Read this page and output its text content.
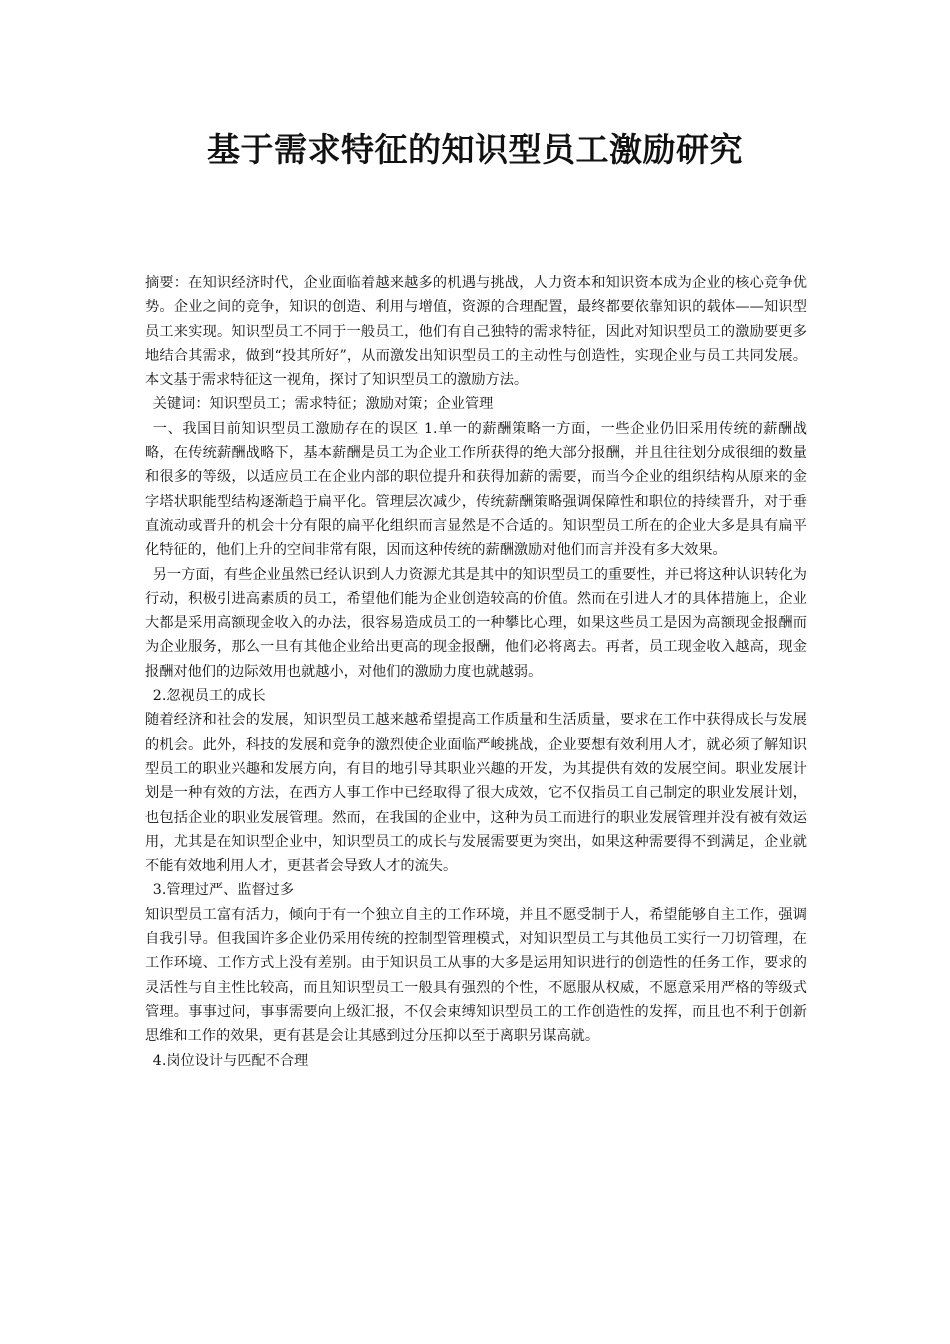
基于需求特征的知识型员工激励研究

摘要：在知识经济时代，企业面临着越来越多的机遇与挑战，人力资本和知识资本成为企业的核心竞争优势。企业之间的竞争，知识的创造、利用与增值，资源的合理配置，最终都要依靠知识的载体——知识型员工来实现。知识型员工不同于一般员工，他们有自己独特的需求特征，因此对知识型员工的激励要更多地结合其需求，做到“投其所好”，从而激发出知识型员工的主动性与创造性，实现企业与员工共同发展。本文基于需求特征这一视角，探讨了知识型员工的激励方法。

关键词：知识型员工；需求特征；激励对策；企业管理

一、我国目前知识型员工激励存在的误区 1.单一的薪酬策略一方面，一些企业仍旧采用传统的薪酬战略，在传统薪酬战略下，基本薪酬是员工为企业工作所获得的绝大部分报酬，并且往往划分成很细的数量和很多的等级，以适应员工在企业内部的职位提升和获得加薪的需要，而当今企业的组织结构从原来的金字塔状职能型结构逐渐趋于扁平化。管理层次减少，传统薪酬策略强调保障性和职位的持续晋升，对于垂直流动或晋升的机会十分有限的扁平化组织而言显然是不合适的。知识型员工所在的企业大多是具有扁平化特征的，他们上升的空间非常有限，因而这种传统的薪酬激励对他们而言并没有多大效果。

另一方面，有些企业虽然已经认识到人力资源尤其是其中的知识型员工的重要性，并已将这种认识转化为行动，积极引进高素质的员工，希望他们能为企业创造较高的价值。然而在引进人才的具体措施上，企业大都是采用高额现金收入的办法，很容易造成员工的一种攀比心理，如果这些员工是因为高额现金报酬而为企业服务，那么一旦有其他企业给出更高的现金报酬，他们必将离去。再者，员工现金收入越高，现金报酬对他们的边际效用也就越小，对他们的激励力度也就越弱。

2.忽视员工的成长

随着经济和社会的发展，知识型员工越来越希望提高工作质量和生活质量，要求在工作中获得成长与发展的机会。此外，科技的发展和竞争的激烈使企业面临严峻挑战，企业要想有效利用人才，就必须了解知识型员工的职业兴趣和发展方向，有目的地引导其职业兴趣的开发，为其提供有效的发展空间。职业发展计划是一种有效的方法，在西方人事工作中已经取得了很大成效，它不仅指员工自己制定的职业发展计划，也包括企业的职业发展管理。然而，在我国的企业中，这种为员工而进行的职业发展管理并没有被有效运用，尤其是在知识型企业中，知识型员工的成长与发展需要更为突出，如果这种需要得不到满足，企业就不能有效地利用人才，更甚者会导致人才的流失。

3.管理过严、监督过多

知识型员工富有活力，倾向于有一个独立自主的工作环境，并且不愿受制于人，希望能够自主工作，强调自我引导。但我国许多企业仍采用传统的控制型管理模式，对知识型员工与其他员工实行一刀切管理，在工作环境、工作方式上没有差别。由于知识员工从事的大多是运用知识进行的创造性的任务工作，要求的灵活性与自主性比较高，而且知识型员工一般具有强烈的个性，不愿服从权威，不愿意采用严格的等级式管理。事事过问，事事需要向上级汇报，不仅会束缚知识型员工的工作创造性的发挥，而且也不利于创新思维和工作的效果，更有甚是会让其感到过分压抑以至于离职另谋高就。

4.岗位设计与匹配不合理
